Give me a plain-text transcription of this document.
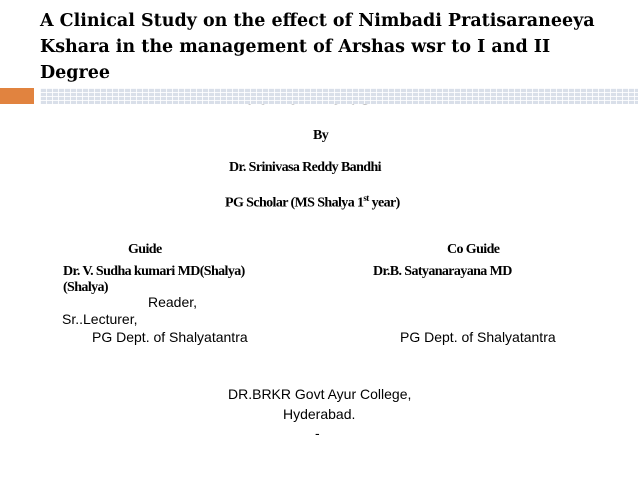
A Clinical Study on the effect of Nimbadi Pratisaraneeya
Kshara in the management of Arshas wsr to I and II Degree

By
Dr. Srinivasa Reddy Bandhi
PG Scholar (MS Shalya 1st year)
Guide	Co Guide
Dr. V. Sudha kumari MD(Shalya)
(Shalya)
Dr.B. Satyanarayana MD
Reader,
Sr..Lecturer,
PG Dept. of Shalyatantra	PG Dept. of Shalyatantra
DR.BRKR Govt Ayur College,
Hyderabad.
-
